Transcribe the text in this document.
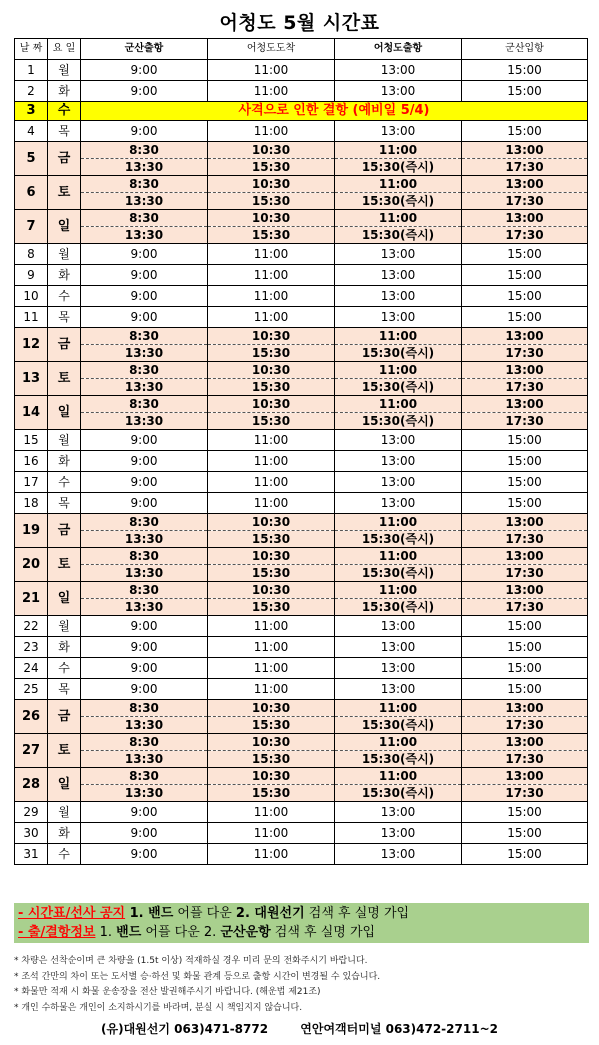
어청도 5월 시간표
날 짜	요 일	군산출항	어청도도착	어청도출항	군산입항
1	월	9:00	11:00	13:00	15:00
2	화	9:00	11:00	13:00	15:00
3	수	사격으로 인한 결항 (예비일 5/4)			
4	목	9:00	11:00	13:00	15:00
5	금	8:30	10:30	11:00	13:00
		13:30	15:30	15:30(즉시)	17:30
6	토	8:30	10:30	11:00	13:00
		13:30	15:30	15:30(즉시)	17:30
7	일	8:30	10:30	11:00	13:00
		13:30	15:30	15:30(즉시)	17:30
8	월	9:00	11:00	13:00	15:00
9	화	9:00	11:00	13:00	15:00
10	수	9:00	11:00	13:00	15:00
11	목	9:00	11:00	13:00	15:00
12	금	8:30	10:30	11:00	13:00
		13:30	15:30	15:30(즉시)	17:30
13	토	8:30	10:30	11:00	13:00
		13:30	15:30	15:30(즉시)	17:30
14	일	8:30	10:30	11:00	13:00
		13:30	15:30	15:30(즉시)	17:30
15	월	9:00	11:00	13:00	15:00
16	화	9:00	11:00	13:00	15:00
17	수	9:00	11:00	13:00	15:00
18	목	9:00	11:00	13:00	15:00
19	금	8:30	10:30	11:00	13:00
		13:30	15:30	15:30(즉시)	17:30
20	토	8:30	10:30	11:00	13:00
		13:30	15:30	15:30(즉시)	17:30
21	일	8:30	10:30	11:00	13:00
		13:30	15:30	15:30(즉시)	17:30
22	월	9:00	11:00	13:00	15:00
23	화	9:00	11:00	13:00	15:00
24	수	9:00	11:00	13:00	15:00
25	목	9:00	11:00	13:00	15:00
26	금	8:30	10:30	11:00	13:00
		13:30	15:30	15:30(즉시)	17:30
27	토	8:30	10:30	11:00	13:00
		13:30	15:30	15:30(즉시)	17:30
28	일	8:30	10:30	11:00	13:00
		13:30	15:30	15:30(즉시)	17:30
29	월	9:00	11:00	13:00	15:00
30	화	9:00	11:00	13:00	15:00
31	수	9:00	11:00	13:00	15:00
- 시간표/선사 공지 1. 밴드 어플 다운 2. 대원선기 검색 후 실명 가입
- 출/결항정보 1. 밴드 어플 다운 2. 군산운항 검색 후 실명 가입
* 차량은 선착순이며 큰 차량을 (1.5t 이상) 적재하실 경우 미리 문의 전화주시기 바랍니다.
* 조석 간만의 차이 또는 도서별 승·하선 및 화물 관계 등으로 출항 시간이 변경될 수 있습니다.
* 화물만 적재 시 화물 운송장을 전산 발권해주시기 바랍니다. (해운법 제21조)
* 개인 수하물은 개인이 소지하시기를 바라며, 분실 시 책임지지 않습니다.
(유)대원선기 063)471-8772	연안여객터미널 063)472-2711~2
